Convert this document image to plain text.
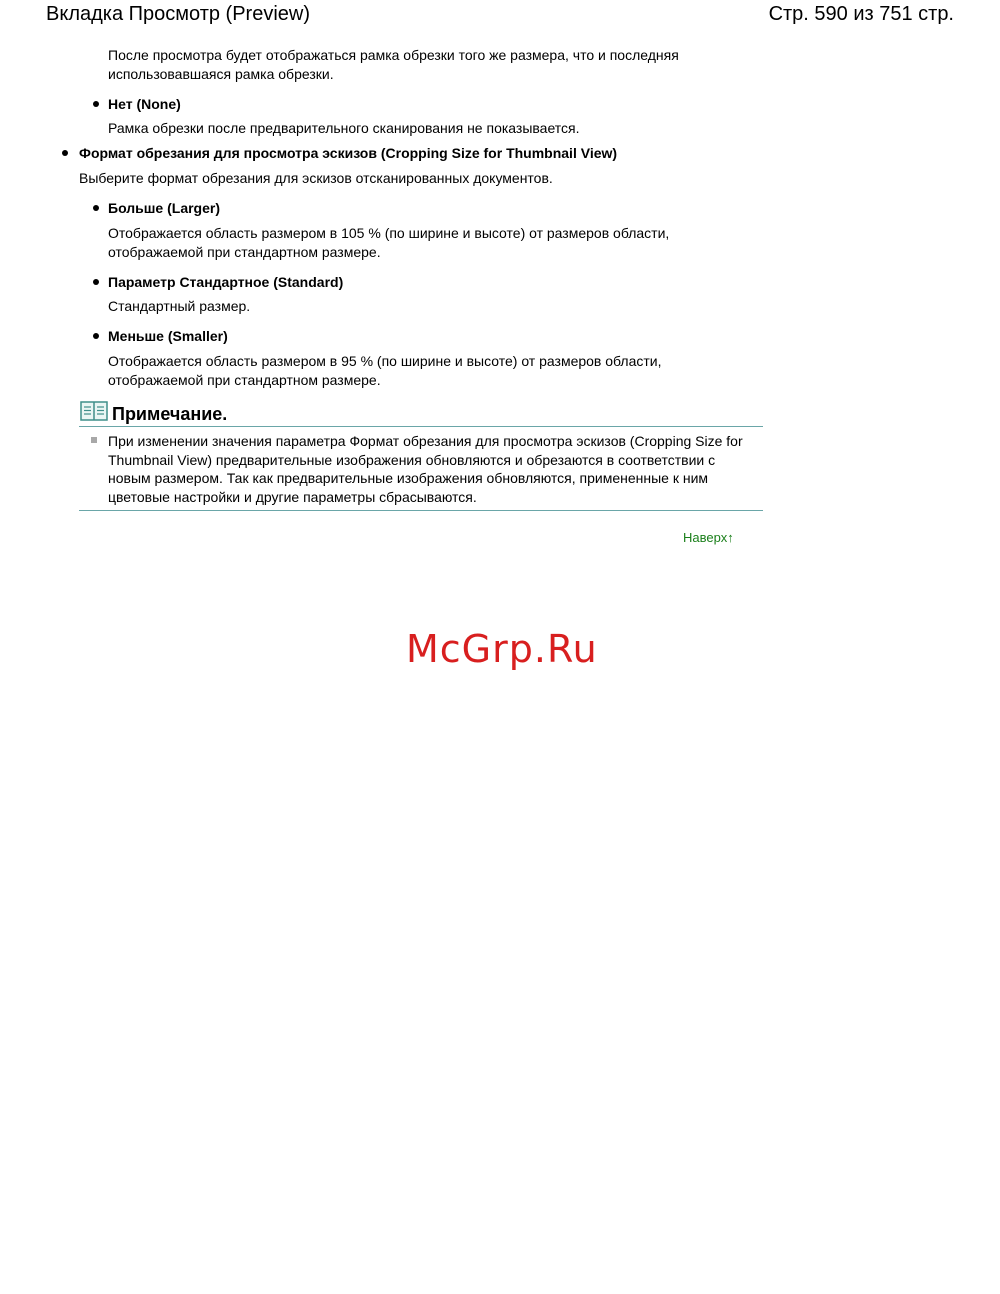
Вкладка Просмотр (Preview)	Стр. 590 из 751 стр.
После просмотра будет отображаться рамка обрезки того же размера, что и последняя использовавшаяся рамка обрезки.
Нет (None)
Рамка обрезки после предварительного сканирования не показывается.
Формат обрезания для просмотра эскизов (Cropping Size for Thumbnail View)
Выберите формат обрезания для эскизов отсканированных документов.
Больше (Larger)
Отображается область размером в 105 % (по ширине и высоте) от размеров области, отображаемой при стандартном размере.
Параметр Стандартное (Standard)
Стандартный размер.
Меньше (Smaller)
Отображается область размером в 95 % (по ширине и высоте) от размеров области, отображаемой при стандартном размере.
Примечание.
При изменении значения параметра Формат обрезания для просмотра эскизов (Cropping Size for Thumbnail View) предварительные изображения обновляются и обрезаются в соответствии с новым размером. Так как предварительные изображения обновляются, примененные к ним цветовые настройки и другие параметры сбрасываются.
Наверх↑
McGrp.Ru
